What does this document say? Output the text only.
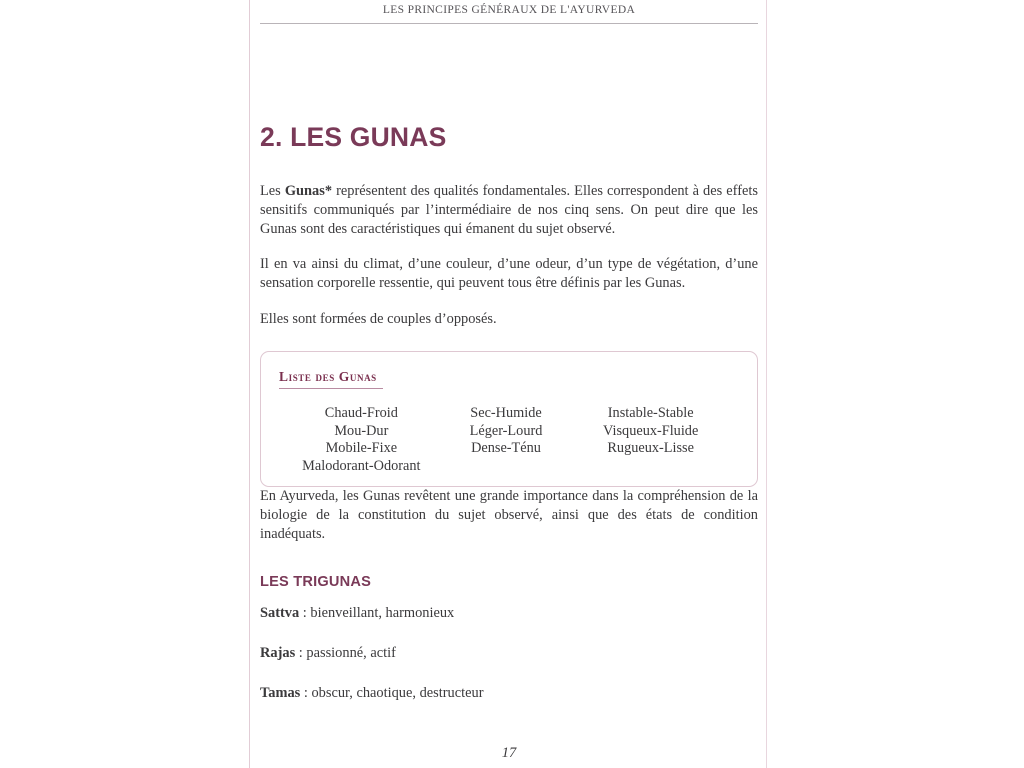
LES PRINCIPES GÉNÉRAUX DE L'AYURVEDA
2. LES GUNAS

Les Gunas* représentent des qualités fondamentales. Elles correspondent à des effets sensitifs communiqués par l’intermédiaire de nos cinq sens. On peut dire que les Gunas sont des caractéristiques qui émanent du sujet observé.

Il en va ainsi du climat, d’une couleur, d’une odeur, d’un type de végétation, d’une sensation corporelle ressentie, qui peuvent tous être définis par les Gunas.

Elles sont formées de couples d’opposés.

Liste des Gunas
Chaud-Froid
Mou-Dur
Mobile-Fixe
Malodorant-Odorant
Sec-Humide
Léger-Lourd
Dense-Ténu
Instable-Stable
Visqueux-Fluide
Rugueux-Lisse

En Ayurveda, les Gunas revêtent une grande importance dans la compréhension de la biologie de la constitution du sujet observé, ainsi que des états de condition inadéquats.

LES TRIGUNAS
Sattva : bienveillant, harmonieux
Rajas : passionné, actif
Tamas : obscur, chaotique, destructeur
17
